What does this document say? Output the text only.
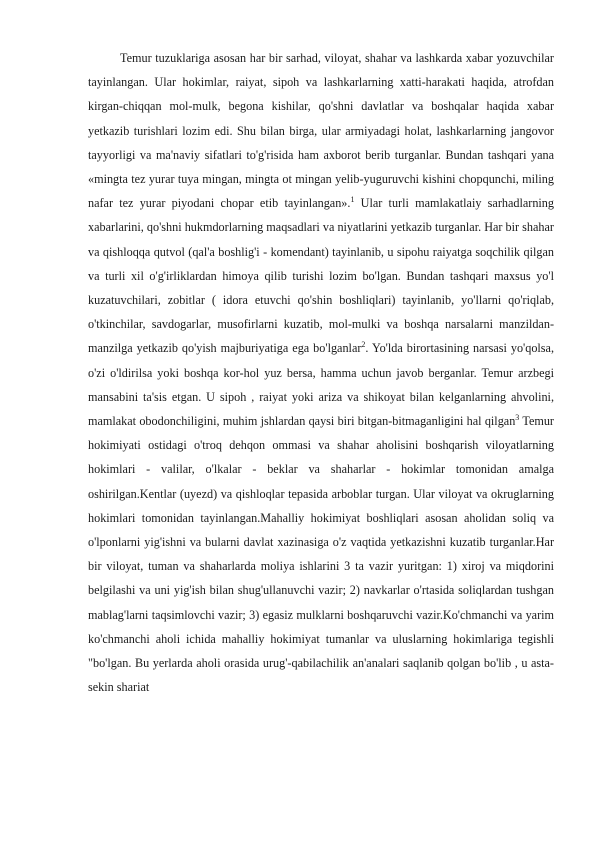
Temur tuzuklariga asosan har bir sarhad, viloyat, shahar va lashkarda xabar yozuvchilar tayinlangan. Ular hokimlar, raiyat, sipoh va lashkarlarning xatti-harakati haqida, atrofdan kirgan-chiqqan mol-mulk, begona kishilar, qo'shni davlatlar va boshqalar haqida xabar yetkazib turishlari lozim edi. Shu bilan birga, ular armiyadagi holat, lashkarlarning jangovor tayyorligi va ma'naviy sifatlari to'g'risida ham axborot berib turganlar. Bundan tashqari yana «mingta tez yurar tuya mingan, mingta ot mingan yelib-yuguruvchi kishini chopqunchi, miling nafar tez yurar piyodani chopar etib tayinlangan».$^1$ Ular turli mamlakatlaiy sarhadlarning xabarlarini, qo'shni hukmdorlarning maqsadlari va niyatlarini yetkazib turganlar. Har bir shahar va qishloqqa qutvol (qal'a boshlig'i - komendant) tayinlanib, u sipohu raiyatga soqchilik qilgan va turli xil o'g'irliklardan himoya qilib turishi lozim bo'lgan. Bundan tashqari maxsus yo'l kuzatuvchilari, zobitlar ( idora etuvchi qo'shin boshliqlari) tayinlanib, yo'llarni qo'riqlab, o'tkinchilar, savdogarlar, musofirlarni kuzatib, mol-mulki va boshqa narsalarni manzildan-manzilga yetkazib qo'yish majburiyatiga ega bo'lganlar$^2$. Yo'lda birortasining narsasi yo'qolsa, o'zi o'ldirilsa yoki boshqa kor-hol yuz bersa, hamma uchun javob berganlar. Temur arzbegi mansabini ta'sis etgan. U sipoh , raiyat yoki ariza va shikoyat bilan kelganlarning ahvolini, mamlakat obodonchiligini, muhim jshlardan qaysi biri bitgan-bitmaganligini hal qilgan$^3$ Temur hokimiyati ostidagi o'troq dehqon ommasi va shahar aholisini boshqarish viloyatlarning hokimlari - valilar, o'lkalar - beklar va shaharlar - hokimlar tomonidan amalga oshirilgan.Kentlar (uyezd) va qishloqlar tepasida arboblar turgan. Ular viloyat va okruglarning hokimlari tomonidan tayinlangan.Mahalliy hokimiyat boshliqlari asosan aholidan soliq va o'lponlarni yig'ishni va bularni davlat xazinasiga o'z vaqtida yetkazishni kuzatib turganlar.Har bir viloyat, tuman va shaharlarda moliya ishlarini 3 ta vazir yuritgan: 1) xiroj va miqdorini belgilashi va uni yig'ish bilan shug'ullanuvchi vazir; 2) navkarlar o'rtasida soliqlardan tushgan mablag'larni taqsimlovchi vazir; 3) egasiz mulklarni boshqaruvchi vazir.Ko'chmanchi va yarim ko'chmanchi aholi ichida mahalliy hokimiyat tumanlar va uluslarning hokimlariga tegishli "bo'lgan. Bu yerlarda aholi orasida urug'-qabilachilik an'analari saqlanib qolgan bo'lib , u asta-sekin shariat
